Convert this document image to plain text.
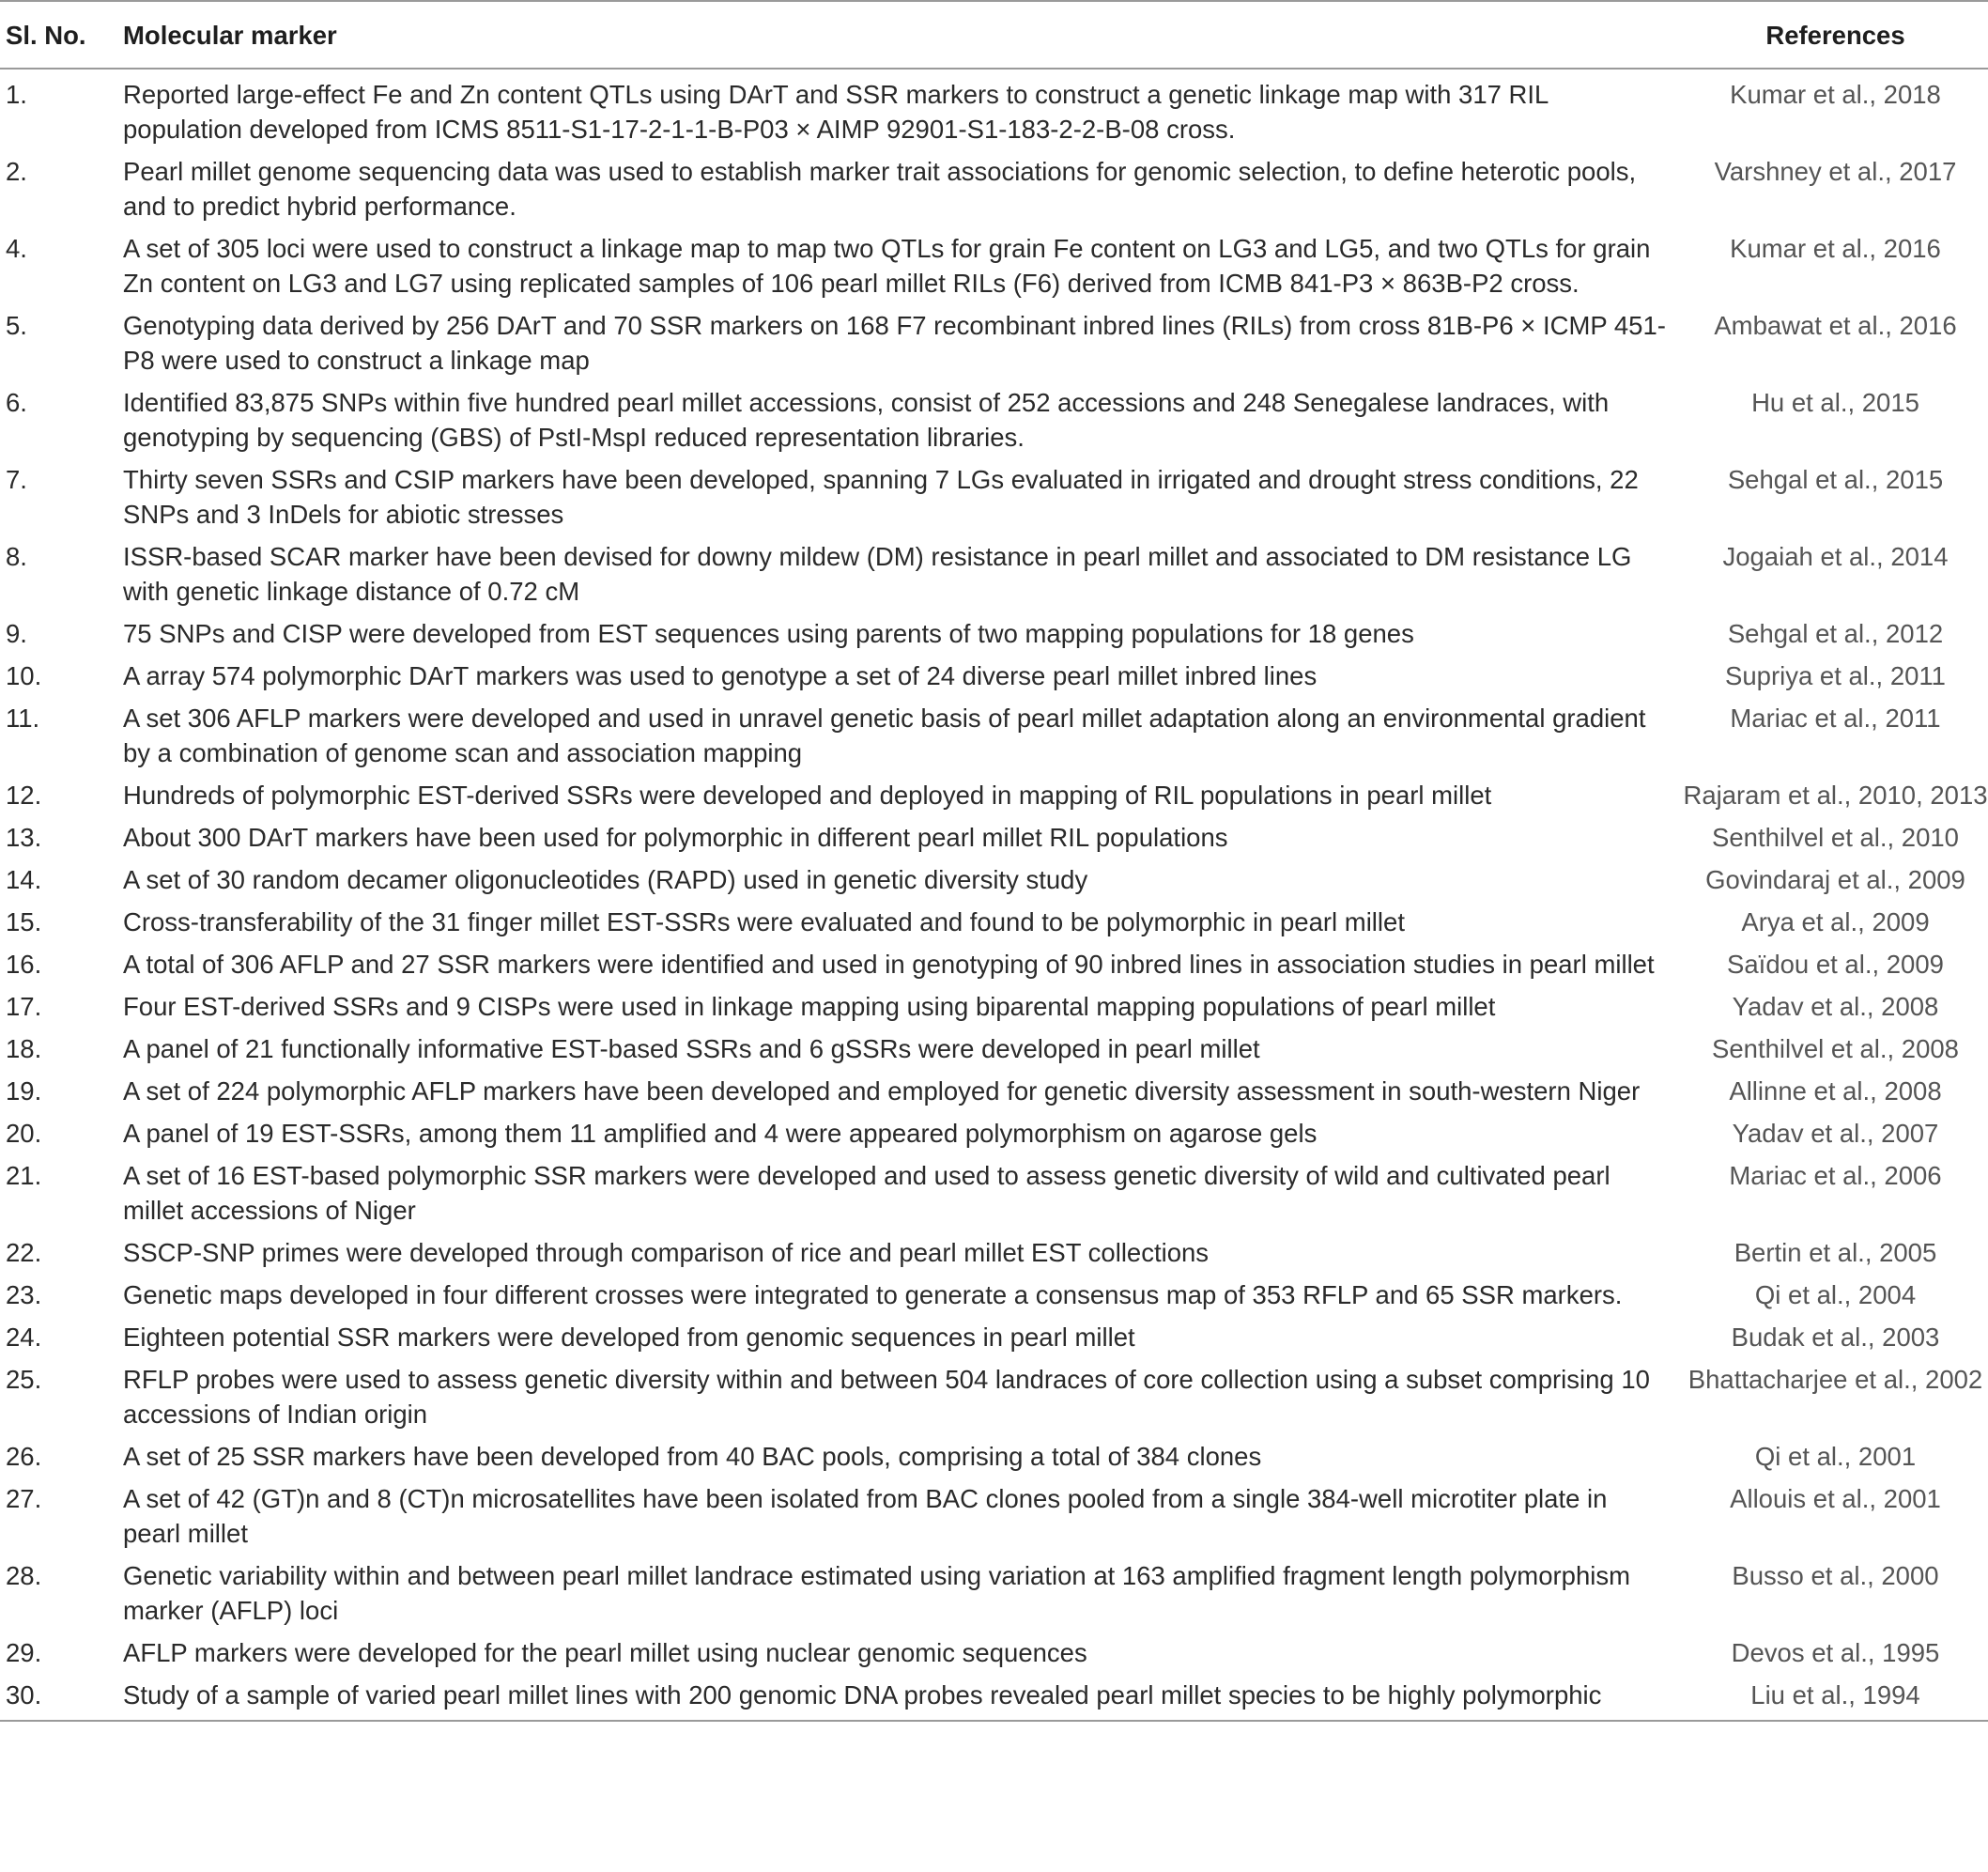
Sl. No.	Molecular marker	References
1.	Reported large-effect Fe and Zn content QTLs using DArT and SSR markers to construct a genetic linkage map with 317 RIL population developed from ICMS 8511-S1-17-2-1-1-B-P03 × AIMP 92901-S1-183-2-2-B-08 cross.	Kumar et al., 2018
2.	Pearl millet genome sequencing data was used to establish marker trait associations for genomic selection, to define heterotic pools, and to predict hybrid performance.	Varshney et al., 2017
4.	A set of 305 loci were used to construct a linkage map to map two QTLs for grain Fe content on LG3 and LG5, and two QTLs for grain Zn content on LG3 and LG7 using replicated samples of 106 pearl millet RILs (F6) derived from ICMB 841-P3 × 863B-P2 cross.	Kumar et al., 2016
5.	Genotyping data derived by 256 DArT and 70 SSR markers on 168 F7 recombinant inbred lines (RILs) from cross 81B-P6 × ICMP 451-P8 were used to construct a linkage map	Ambawat et al., 2016
6.	Identified 83,875 SNPs within five hundred pearl millet accessions, consist of 252 accessions and 248 Senegalese landraces, with genotyping by sequencing (GBS) of PstI-MspI reduced representation libraries.	Hu et al., 2015
7.	Thirty seven SSRs and CSIP markers have been developed, spanning 7 LGs evaluated in irrigated and drought stress conditions, 22 SNPs and 3 InDels for abiotic stresses	Sehgal et al., 2015
8.	ISSR-based SCAR marker have been devised for downy mildew (DM) resistance in pearl millet and associated to DM resistance LG with genetic linkage distance of 0.72 cM	Jogaiah et al., 2014
9.	75 SNPs and CISP were developed from EST sequences using parents of two mapping populations for 18 genes	Sehgal et al., 2012
10.	A array 574 polymorphic DArT markers was used to genotype a set of 24 diverse pearl millet inbred lines	Supriya et al., 2011
11.	A set 306 AFLP markers were developed and used in unravel genetic basis of pearl millet adaptation along an environmental gradient by a combination of genome scan and association mapping	Mariac et al., 2011
12.	Hundreds of polymorphic EST-derived SSRs were developed and deployed in mapping of RIL populations in pearl millet	Rajaram et al., 2010, 2013
13.	About 300 DArT markers have been used for polymorphic in different pearl millet RIL populations	Senthilvel et al., 2010
14.	A set of 30 random decamer oligonucleotides (RAPD) used in genetic diversity study	Govindaraj et al., 2009
15.	Cross-transferability of the 31 finger millet EST-SSRs were evaluated and found to be polymorphic in pearl millet	Arya et al., 2009
16.	A total of 306 AFLP and 27 SSR markers were identified and used in genotyping of 90 inbred lines in association studies in pearl millet	Saïdou et al., 2009
17.	Four EST-derived SSRs and 9 CISPs were used in linkage mapping using biparental mapping populations of pearl millet	Yadav et al., 2008
18.	A panel of 21 functionally informative EST-based SSRs and 6 gSSRs were developed in pearl millet	Senthilvel et al., 2008
19.	A set of 224 polymorphic AFLP markers have been developed and employed for genetic diversity assessment in south-western Niger	Allinne et al., 2008
20.	A panel of 19 EST-SSRs, among them 11 amplified and 4 were appeared polymorphism on agarose gels	Yadav et al., 2007
21.	A set of 16 EST-based polymorphic SSR markers were developed and used to assess genetic diversity of wild and cultivated pearl millet accessions of Niger	Mariac et al., 2006
22.	SSCP-SNP primes were developed through comparison of rice and pearl millet EST collections	Bertin et al., 2005
23.	Genetic maps developed in four different crosses were integrated to generate a consensus map of 353 RFLP and 65 SSR markers.	Qi et al., 2004
24.	Eighteen potential SSR markers were developed from genomic sequences in pearl millet	Budak et al., 2003
25.	RFLP probes were used to assess genetic diversity within and between 504 landraces of core collection using a subset comprising 10 accessions of Indian origin	Bhattacharjee et al., 2002
26.	A set of 25 SSR markers have been developed from 40 BAC pools, comprising a total of 384 clones	Qi et al., 2001
27.	A set of 42 (GT)n and 8 (CT)n microsatellites have been isolated from BAC clones pooled from a single 384-well microtiter plate in pearl millet	Allouis et al., 2001
28.	Genetic variability within and between pearl millet landrace estimated using variation at 163 amplified fragment length polymorphism marker (AFLP) loci	Busso et al., 2000
29.	AFLP markers were developed for the pearl millet using nuclear genomic sequences	Devos et al., 1995
30.	Study of a sample of varied pearl millet lines with 200 genomic DNA probes revealed pearl millet species to be highly polymorphic	Liu et al., 1994
